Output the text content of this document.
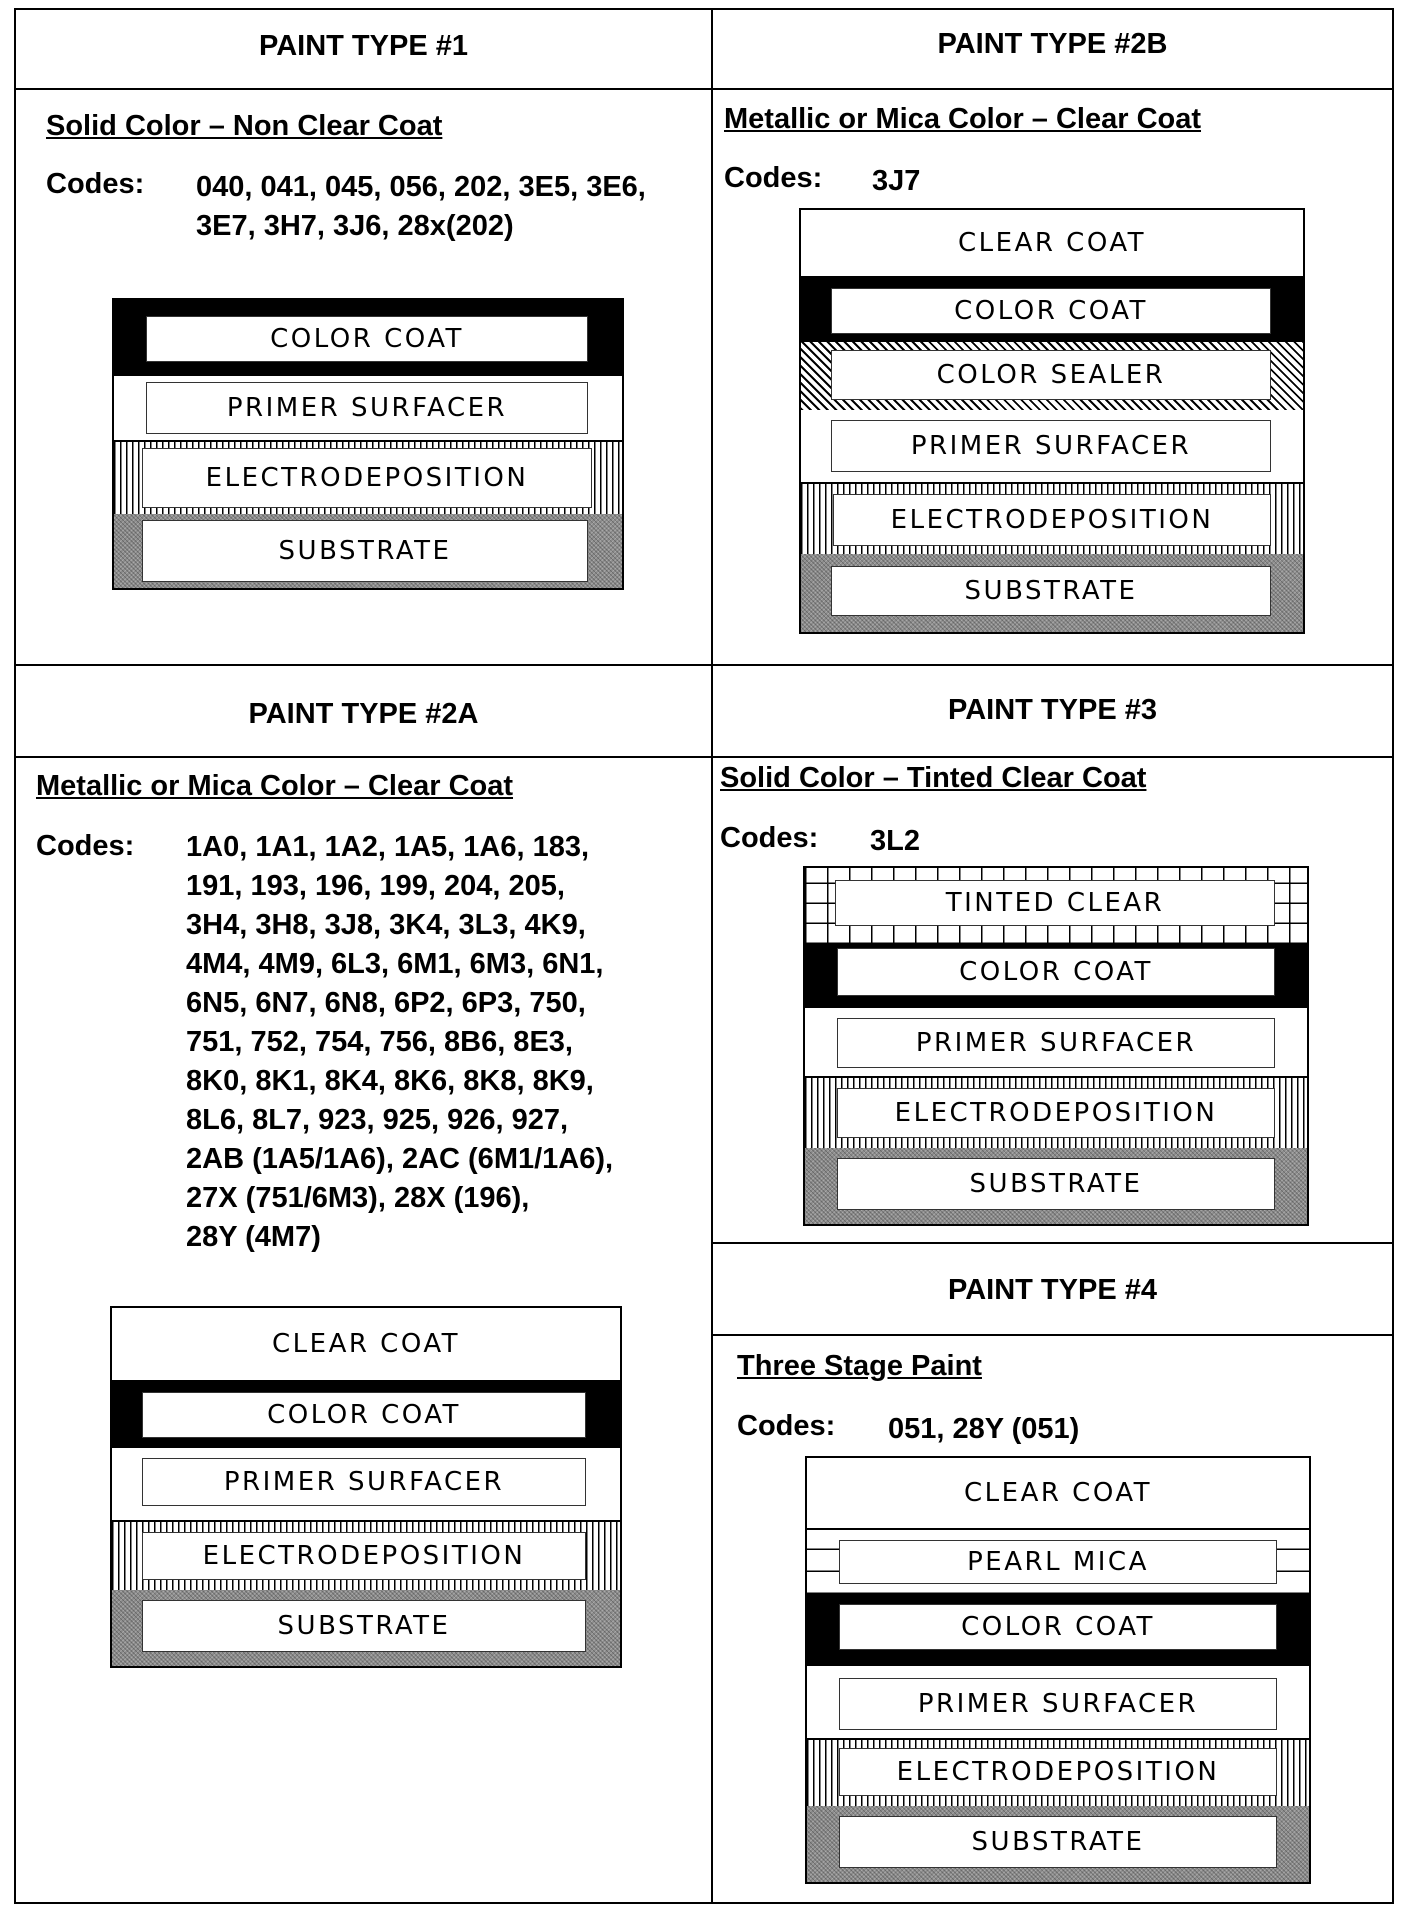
PAINT TYPE #1
Solid Color – Non Clear Coat
Codes: 040, 041, 045, 056, 202, 3E5, 3E6, 3E7, 3H7, 3J6, 28x(202)
COLOR COAT
PRIMER SURFACER
ELECTRODEPOSITION
SUBSTRATE
PAINT TYPE #2B
Metallic or Mica Color – Clear Coat
Codes: 3J7
CLEAR COAT
COLOR COAT
COLOR SEALER
PRIMER SURFACER
ELECTRODEPOSITION
SUBSTRATE
PAINT TYPE #2A
Metallic or Mica Color – Clear Coat
Codes: 1A0, 1A1, 1A2, 1A5, 1A6, 183,
191, 193, 196, 199, 204, 205,
3H4, 3H8, 3J8, 3K4, 3L3, 4K9,
4M4, 4M9, 6L3, 6M1, 6M3, 6N1,
6N5, 6N7, 6N8, 6P2, 6P3, 750,
751, 752, 754, 756, 8B6, 8E3,
8K0, 8K1, 8K4, 8K6, 8K8, 8K9,
8L6, 8L7, 923, 925, 926, 927,
2AB (1A5/1A6), 2AC (6M1/1A6),
27X (751/6M3), 28X (196),
28Y (4M7)
CLEAR COAT
COLOR COAT
PRIMER SURFACER
ELECTRODEPOSITION
SUBSTRATE
PAINT TYPE #3
Solid Color – Tinted Clear Coat
Codes: 3L2
TINTED CLEAR
COLOR COAT
PRIMER SURFACER
ELECTRODEPOSITION
SUBSTRATE
PAINT TYPE #4
Three Stage Paint
Codes: 051, 28Y (051)
CLEAR COAT
PEARL MICA
COLOR COAT
PRIMER SURFACER
ELECTRODEPOSITION
SUBSTRATE
